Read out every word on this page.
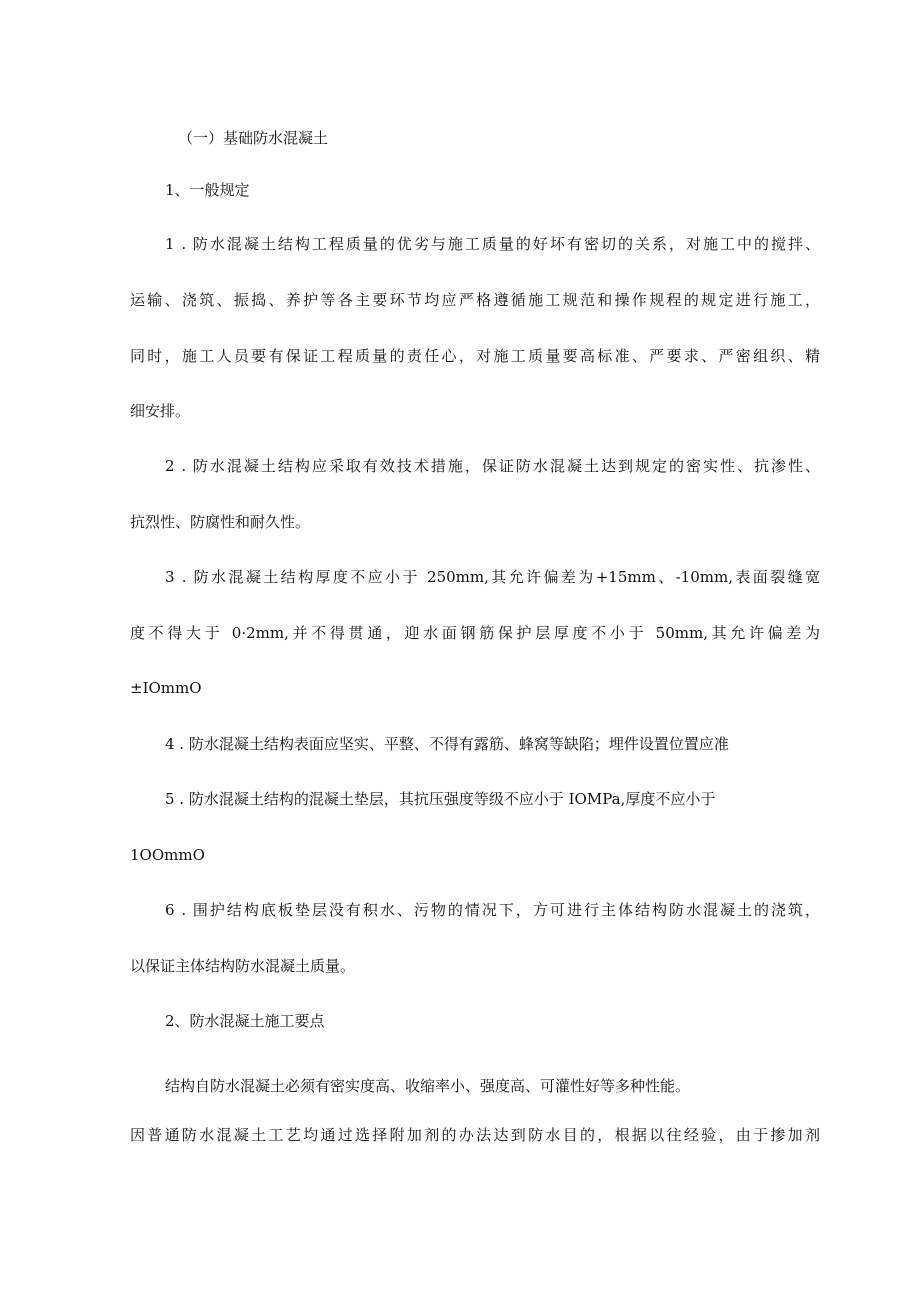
（一）基础防水混凝土

1、一般规定

1 . 防水混凝土结构工程质量的优劣与施工质量的好坏有密切的关系，对施工中的搅拌、

运输、浇筑、振捣、养护等各主要环节均应严格遵循施工规范和操作规程的规定进行施工，

同时，施工人员要有保证工程质量的责任心，对施工质量要高标准、严要求、严密组织、精

细安排。

2 . 防水混凝土结构应采取有效技术措施，保证防水混凝土达到规定的密实性、抗渗性、

抗烈性、防腐性和耐久性。

3 . 防水混凝土结构厚度不应小于 250mm,其允许偏差为+15mm、-10mm,表面裂缝宽

度不得大于 0·2mm,并不得贯通，迎水面钢筋保护层厚度不小于 50mm,其允许偏差为

±IOmmO

4 . 防水混凝土结构表面应坚实、平整、不得有露筋、蜂窝等缺陷；埋件设置位置应准

5 . 防水混凝土结构的混凝土垫层，其抗压强度等级不应小于 IOMPa,厚度不应小于

1OOmmO

6 . 围护结构底板垫层没有积水、污物的情况下，方可进行主体结构防水混凝土的浇筑，

以保证主体结构防水混凝土质量。

2、防水混凝土施工要点

结构自防水混凝土必须有密实度高、收缩率小、强度高、可灌性好等多种性能。

因普通防水混凝土工艺均通过选择附加剂的办法达到防水目的，根据以往经验，由于掺加剂
